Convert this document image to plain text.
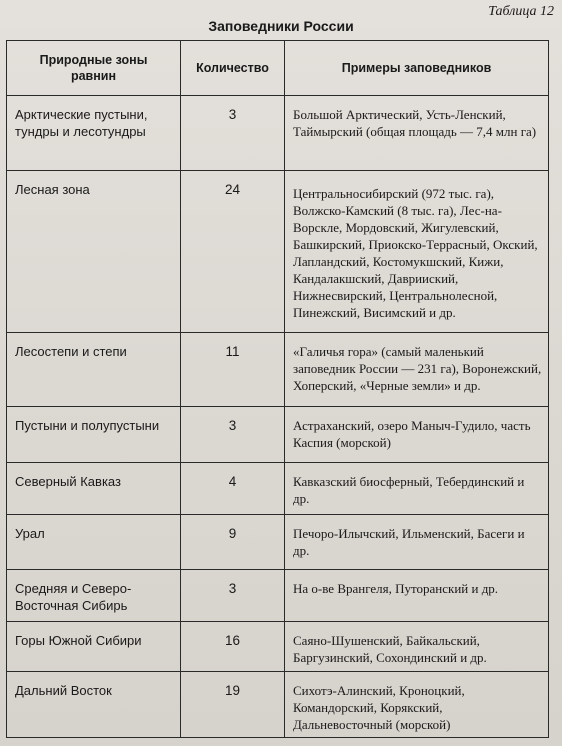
Таблица 12
Заповедники России
Природные зоны равнин	Количество	Примеры заповедников
Арктические пустыни, тундры и лесотундры	3	Большой Арктический, Усть-Ленский, Таймырский (общая площадь — 7,4 млн га)
Лесная зона	24	Центральносибирский (972 тыс. га), Волжско-Камский (8 тыс. га), Лес-на-Ворскле, Мордовский, Жигулевский, Башкирский, Приокско-Террасный, Окский, Лапландский, Костомукшский, Кижи, Кандалакшский, Даврииский, Нижнесвирский, Центральнолесной, Пинежский, Висимский и др.
Лесостепи и степи	11	«Галичья гора» (самый маленький заповедник России — 231 га), Воронежский, Хоперский, «Черные земли» и др.
Пустыни и полупустыни	3	Астраханский, озеро Маныч-Гудило, часть Каспия (морской)
Северный Кавказ	4	Кавказский биосферный, Тебердинский и др.
Урал	9	Печоро-Илычский, Ильменский, Басеги и др.
Средняя и Северо-Восточная Сибирь	3	На о-ве Врангеля, Путоранский и др.
Горы Южной Сибири	16	Саяно-Шушенский, Байкальский, Баргузинский, Сохондинский и др.
Дальний Восток	19	Сихотэ-Алинский, Кроноцкий, Командорский, Корякский, Дальневосточный (морской)
